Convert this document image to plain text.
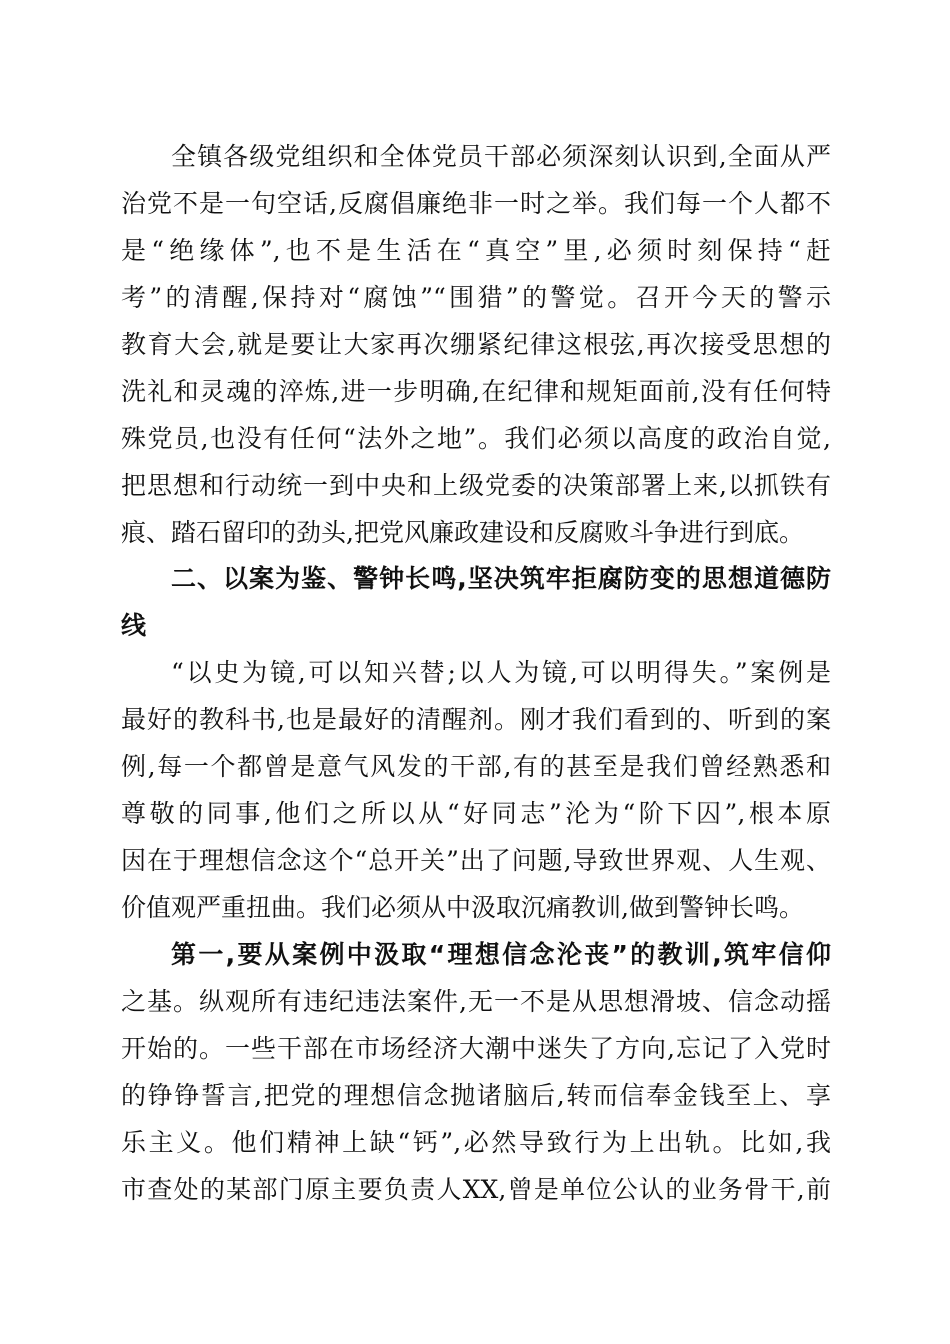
全镇各级党组织和全体党员干部必须深刻认识到,全面从严
治党不是一句空话,反腐倡廉绝非一时之举。我们每一个人都不
是“绝缘体”,也不是生活在“真空”里,必须时刻保持“赶
考”的清醒,保持对“腐蚀”“围猎”的警觉。召开今天的警示
教育大会,就是要让大家再次绷紧纪律这根弦,再次接受思想的
洗礼和灵魂的淬炼,进一步明确,在纪律和规矩面前,没有任何特
殊党员,也没有任何“法外之地”。我们必须以高度的政治自觉,
把思想和行动统一到中央和上级党委的决策部署上来,以抓铁有
痕、踏石留印的劲头,把党风廉政建设和反腐败斗争进行到底。
二、以案为鉴、警钟长鸣,坚决筑牢拒腐防变的思想道德防
线
“以史为镜,可以知兴替;以人为镜,可以明得失。”案例是
最好的教科书,也是最好的清醒剂。刚才我们看到的、听到的案
例,每一个都曾是意气风发的干部,有的甚至是我们曾经熟悉和
尊敬的同事,他们之所以从“好同志”沦为“阶下囚”,根本原
因在于理想信念这个“总开关”出了问题,导致世界观、人生观、
价值观严重扭曲。我们必须从中汲取沉痛教训,做到警钟长鸣。
第一,要从案例中汲取“理想信念沦丧”的教训,筑牢信仰
之基。纵观所有违纪违法案件,无一不是从思想滑坡、信念动摇
开始的。一些干部在市场经济大潮中迷失了方向,忘记了入党时
的铮铮誓言,把党的理想信念抛诸脑后,转而信奉金钱至上、享
乐主义。他们精神上缺“钙”,必然导致行为上出轨。比如,我
市查处的某部门原主要负责人XX,曾是单位公认的业务骨干,前
